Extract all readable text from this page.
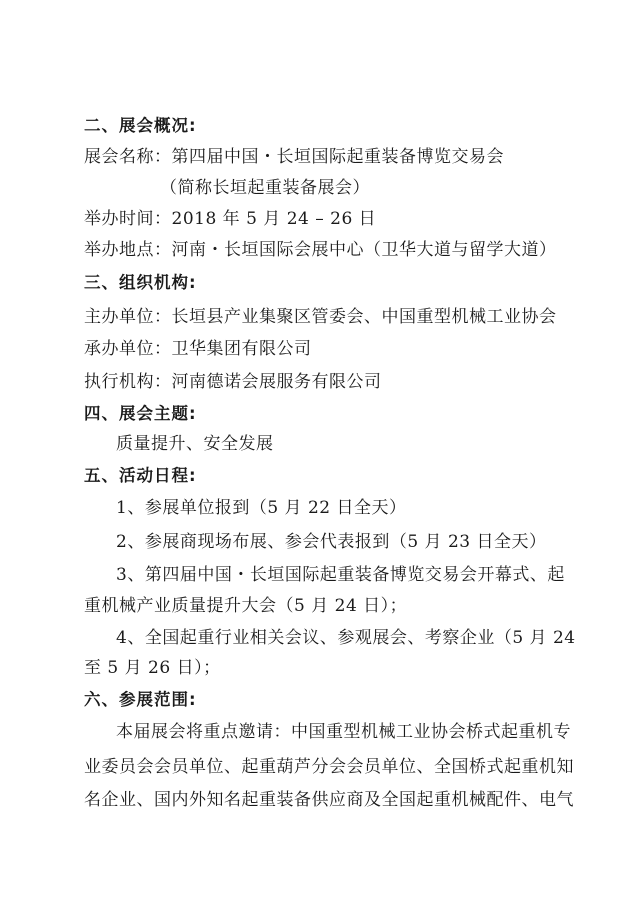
二、展会概况:
展会名称：第四届中国・长垣国际起重装备博览交易会
（简称长垣起重装备展会）
举办时间：2018 年 5 月 24 – 26 日
举办地点：河南・长垣国际会展中心（卫华大道与留学大道）
三、组织机构:
主办单位：长垣县产业集聚区管委会、中国重型机械工业协会
承办单位：卫华集团有限公司
执行机构：河南德诺会展服务有限公司
四、展会主题:
质量提升、安全发展
五、活动日程:
1、参展单位报到（5 月 22 日全天）
2、参展商现场布展、参会代表报到（5 月 23 日全天）
3、第四届中国・长垣国际起重装备博览交易会开幕式、起
重机械产业质量提升大会（5 月 24 日）；
4、全国起重行业相关会议、参观展会、考察企业（5 月 24
至 5 月 26 日）；
六、参展范围:
本届展会将重点邀请：中国重型机械工业协会桥式起重机专
业委员会会员单位、起重葫芦分会会员单位、全国桥式起重机知
名企业、国内外知名起重装备供应商及全国起重机械配件、电气
